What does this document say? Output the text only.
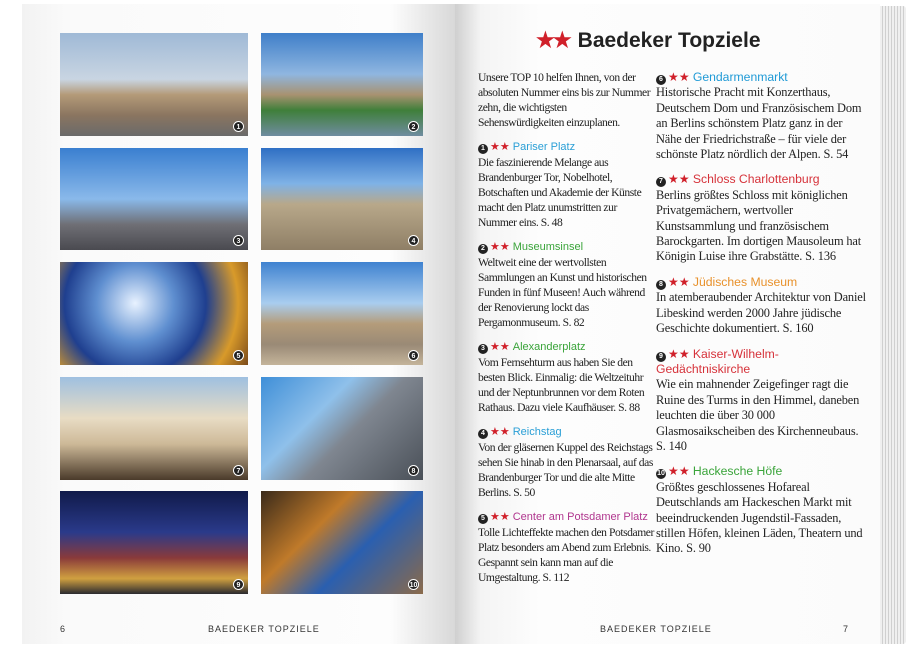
1	2
3	4
5	6
7	8
9	10
6	BAEDEKER TOPZIELE	BAEDEKER TOPZIELE	7
★★ Baedeker Topziele
Unsere TOP 10 helfen Ihnen, von der absoluten Nummer eins bis zur Nummer zehn, die wichtigsten Sehenswürdigkeiten einzuplanen.
1 ★★ Pariser Platz
Die faszinierende Melange aus Brandenburger Tor, Nobelhotel, Botschaften und Akademie der Künste macht den Platz unumstritten zur Nummer eins. S. 48
2 ★★ Museumsinsel
Weltweit eine der wertvollsten Sammlungen an Kunst und historischen Funden in fünf Museen! Auch während der Renovierung lockt das Pergamonmuseum. S. 82
3 ★★ Alexanderplatz
Vom Fernsehturm aus haben Sie den besten Blick. Einmalig: die Weltzeituhr und der Neptunbrunnen vor dem Roten Rathaus. Dazu viele Kaufhäuser. S. 88
4 ★★ Reichstag
Von der gläsernen Kuppel des Reichstags sehen Sie hinab in den Plenarsaal, auf das Brandenburger Tor und die alte Mitte Berlins. S. 50
5 ★★ Center am Potsdamer Platz
Tolle Lichteffekte machen den Potsdamer Platz besonders am Abend zum Erlebnis. Gespannt sein kann man auf die Umgestaltung. S. 112
6 ★★ Gendarmenmarkt
Historische Pracht mit Konzerthaus, Deutschem Dom und Französischem Dom an Berlins schönstem Platz ganz in der Nähe der Friedrichstraße – für viele der schönste Platz nördlich der Alpen. S. 54
7 ★★ Schloss Charlottenburg
Berlins größtes Schloss mit königlichen Privatgemächern, wertvoller Kunstsammlung und französischem Barockgarten. Im dortigen Mausoleum hat Königin Luise ihre Grabstätte. S. 136
8 ★★ Jüdisches Museum
In atemberaubender Architektur von Daniel Libeskind werden 2000 Jahre jüdische Geschichte dokumentiert. S. 160
9 ★★ Kaiser-Wilhelm-Gedächtniskirche
Wie ein mahnender Zeigefinger ragt die Ruine des Turms in den Himmel, daneben leuchten die über 30 000 Glasmosaikscheiben des Kirchenneubaus. S. 140
10 ★★ Hackesche Höfe
Größtes geschlossenes Hofareal Deutschlands am Hackeschen Markt mit beeindruckenden Jugendstil-Fassaden, stillen Höfen, kleinen Läden, Theatern und Kino. S. 90
